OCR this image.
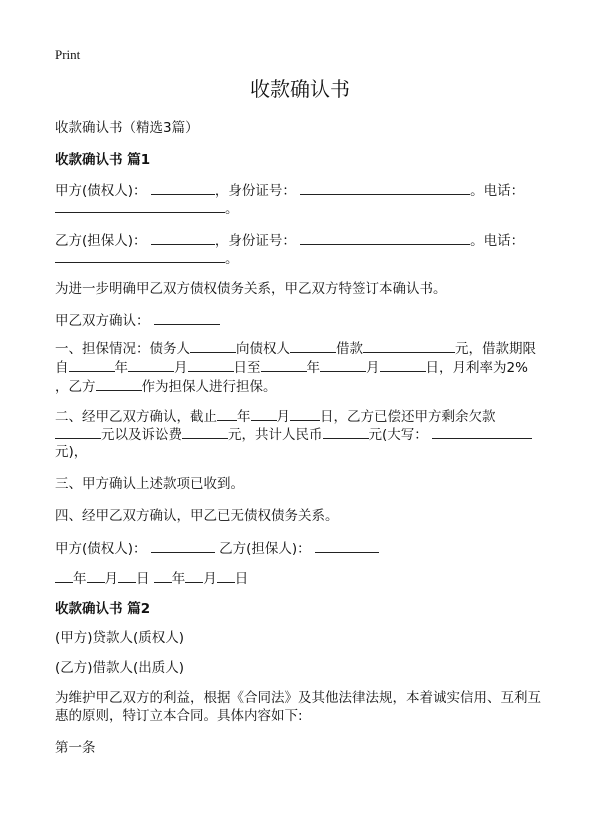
Print
收款确认书
收款确认书（精选3篇）
收款确认书 篇1
甲方(债权人)：	，身份证号：	。电话：
。
乙方(担保人)：	，身份证号：	。电话：
。
为进一步明确甲乙双方债权债务关系，甲乙双方特签订本确认书。
甲乙双方确认：
一、担保情况：债务人	向债权人	借款	元，借款期限
自	年	月	日至	年	月	日，月利率为2%
，乙方	作为担保人进行担保。
二、经甲乙双方确认，截止 年 月 日，乙方已偿还甲方剩余欠款
元以及诉讼费	元，共计人民币	元(大写：
元)，
三、甲方确认上述款项已收到。
四、经甲乙双方确认，甲乙已无债权债务关系。
甲方(债权人)：	乙方(担保人)：
年 月 日 年 月 日
收款确认书 篇2
(甲方)贷款人(质权人)
(乙方)借款人(出质人)
为维护甲乙双方的利益，根据《合同法》及其他法律法规，本着诚实信用、互利互
惠的原则，特订立本合同。具体内容如下:
第一条
